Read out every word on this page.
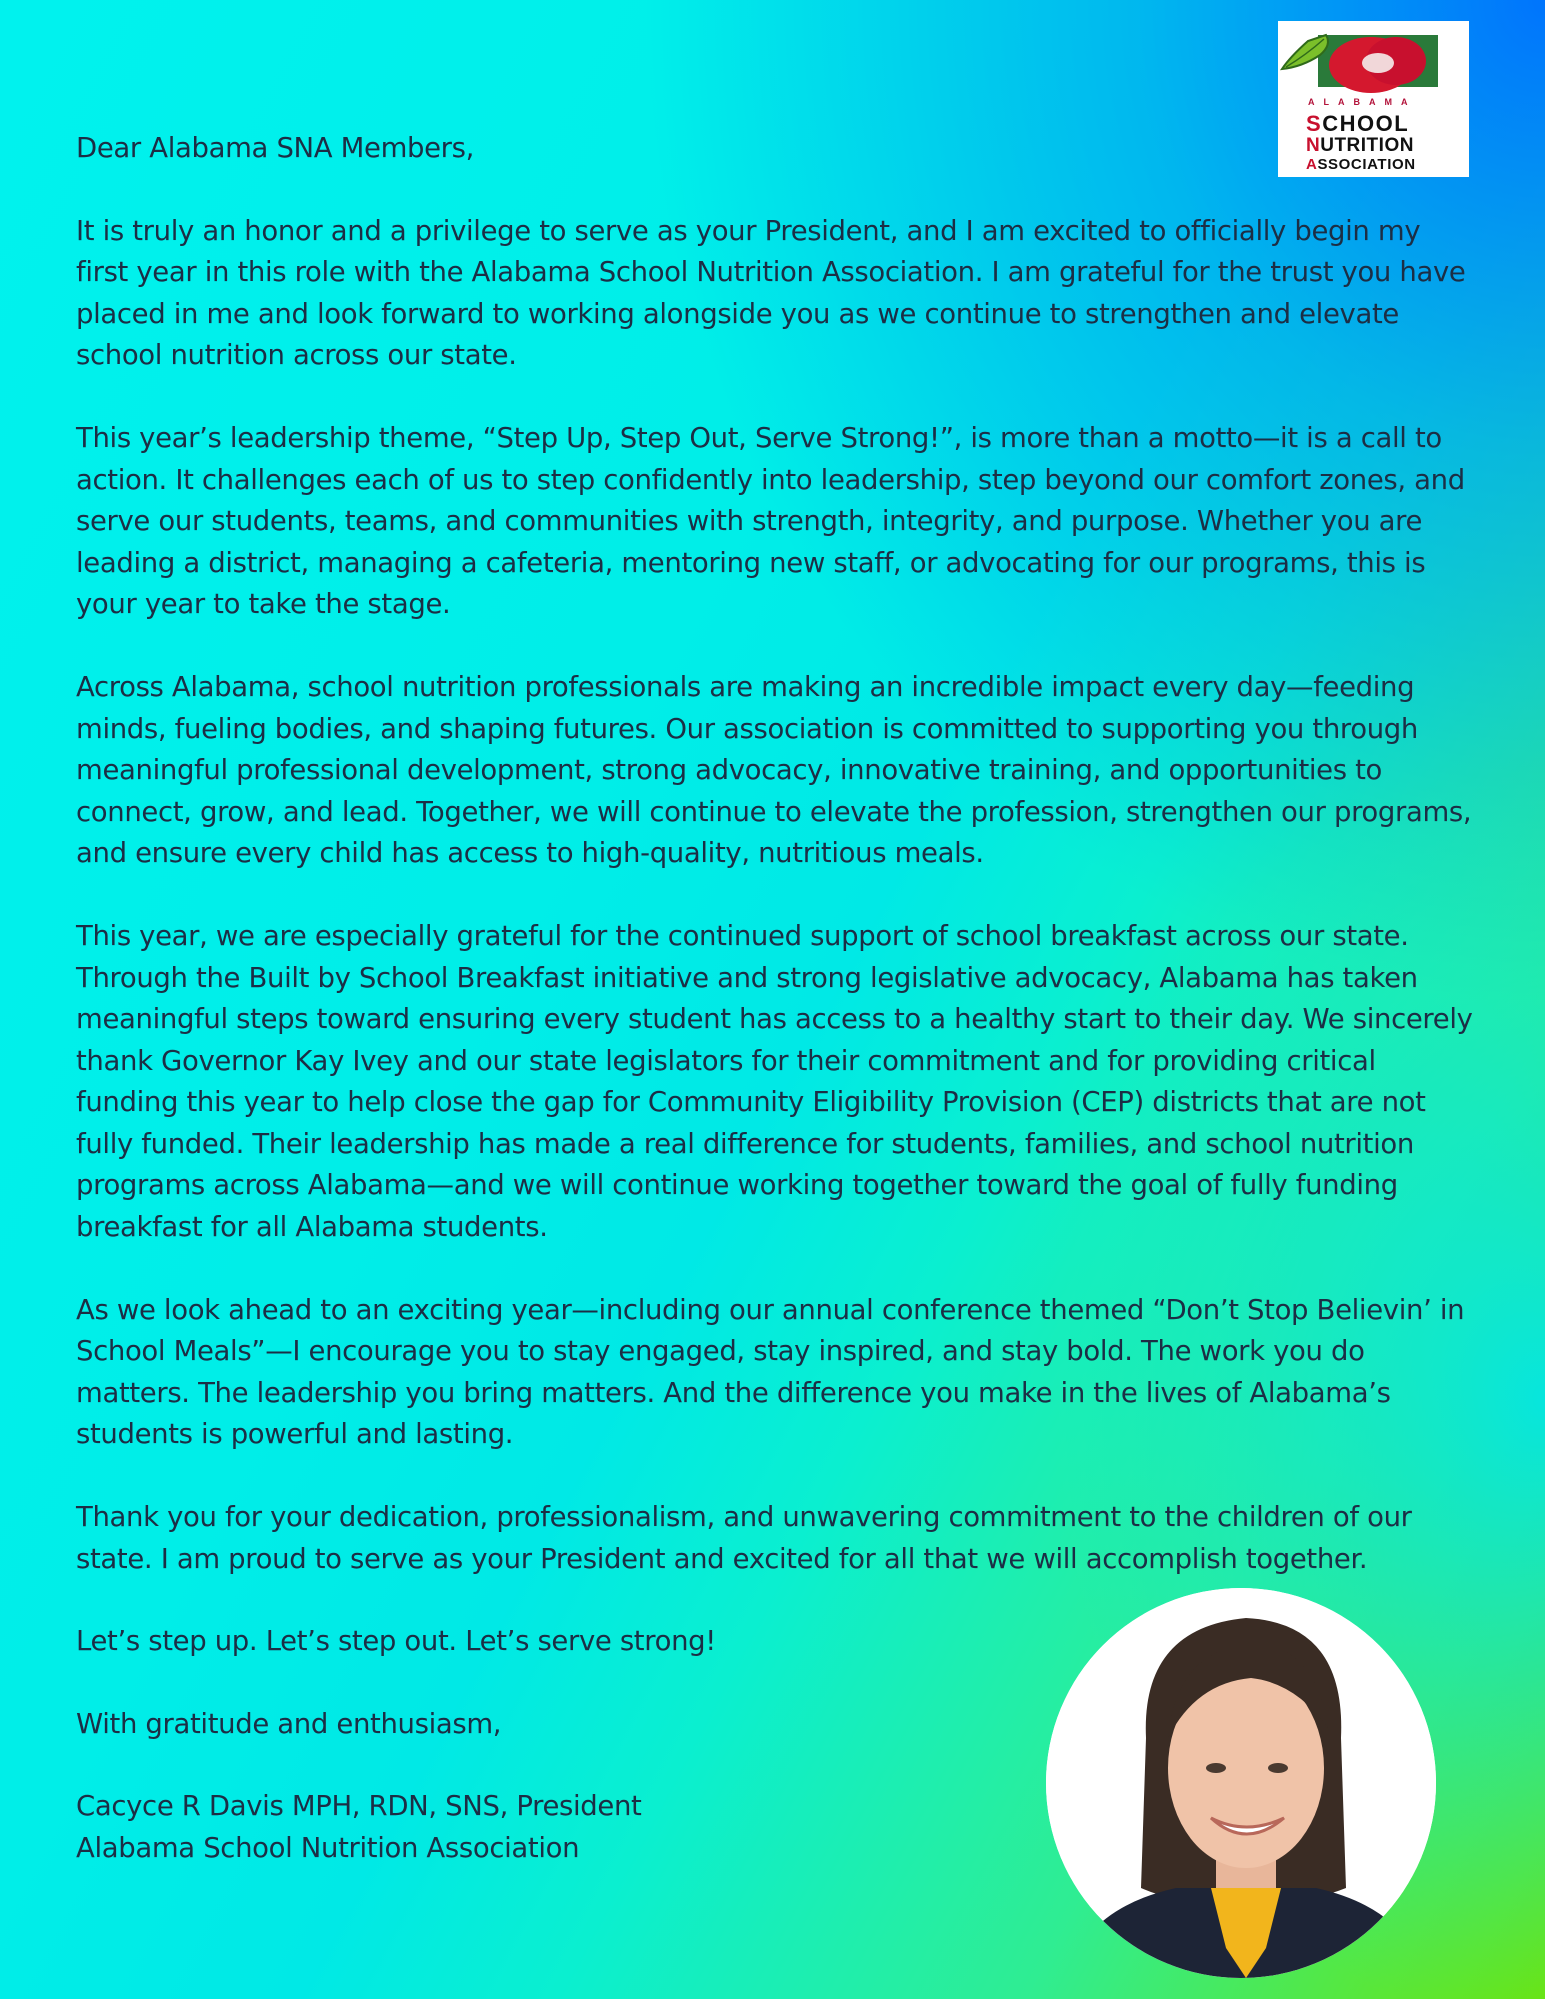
ALABAMA
SCHOOL
NUTRITION
ASSOCIATION

Dear Alabama SNA Members,

It is truly an honor and a privilege to serve as your President, and I am excited to officially begin my first year in this role with the Alabama School Nutrition Association. I am grateful for the trust you have placed in me and look forward to working alongside you as we continue to strengthen and elevate school nutrition across our state.

This year’s leadership theme, “Step Up, Step Out, Serve Strong!”, is more than a motto—it is a call to action. It challenges each of us to step confidently into leadership, step beyond our comfort zones, and serve our students, teams, and communities with strength, integrity, and purpose. Whether you are leading a district, managing a cafeteria, mentoring new staff, or advocating for our programs, this is your year to take the stage.

Across Alabama, school nutrition professionals are making an incredible impact every day—feeding minds, fueling bodies, and shaping futures. Our association is committed to supporting you through meaningful professional development, strong advocacy, innovative training, and opportunities to connect, grow, and lead. Together, we will continue to elevate the profession, strengthen our programs, and ensure every child has access to high-quality, nutritious meals.

This year, we are especially grateful for the continued support of school breakfast across our state. Through the Built by School Breakfast initiative and strong legislative advocacy, Alabama has taken meaningful steps toward ensuring every student has access to a healthy start to their day. We sincerely thank Governor Kay Ivey and our state legislators for their commitment and for providing critical funding this year to help close the gap for Community Eligibility Provision (CEP) districts that are not fully funded. Their leadership has made a real difference for students, families, and school nutrition programs across Alabama—and we will continue working together toward the goal of fully funding breakfast for all Alabama students.

As we look ahead to an exciting year—including our annual conference themed “Don’t Stop Believin’ in School Meals”—I encourage you to stay engaged, stay inspired, and stay bold. The work you do matters. The leadership you bring matters. And the difference you make in the lives of Alabama’s students is powerful and lasting.

Thank you for your dedication, professionalism, and unwavering commitment to the children of our state. I am proud to serve as your President and excited for all that we will accomplish together.

Let’s step up. Let’s step out. Let’s serve strong!

With gratitude and enthusiasm,

Cacyce R Davis MPH, RDN, SNS, President

Alabama School Nutrition Association
